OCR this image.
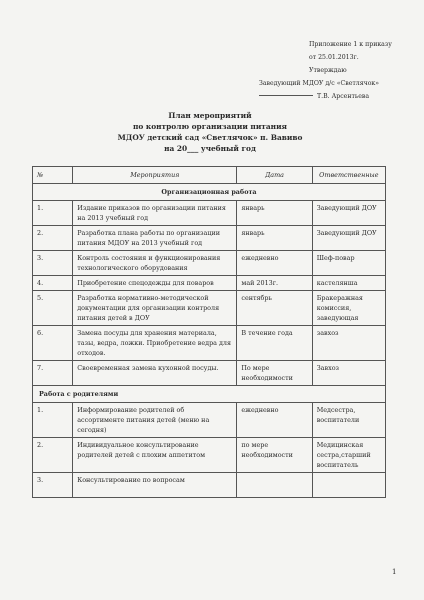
Приложение 1 к приказу
от 25.01.2013г.
Утверждаю
Заведующий МДОУ д/с «Светлячок»
Т.В. Арсентьева
План мероприятий
по контролю организации питания
МДОУ детский сад «Светлячок» п. Вавиво
на 20___ учебный год
№	Мероприятия	Дата	Ответственные
Организационная работа			
1.	Издание приказов по организации питания на 2013 учебный год	январь	Заведующий ДОУ
2.	Разработка плана работы по организации питания МДОУ на 2013 учебный год	январь	Заведующий ДОУ
3.	Контроль состояния и функционирования технологического оборудования	ежедневно	Шеф-повар
4.	Приобретение спецодежды для поваров	май 2013г.	кастелянша
5.	Разработка нормативно-методической документации для организации контроля питания детей в ДОУ	сентябрь	Бракеражная комиссия, заведующая
6.	Замена посуды для хранения материала, тазы, ведра, ложки. Приобретение ведра для отходов.	В течение года	завхоз
7.	Своевременная замена кухонной посуды.	По мере необходимости	Завхоз
Работа с родителями			
1.	Информирование родителей об ассортименте питания детей (меню на сегодня)	ежедневно	Медсестра, воспитатели
2.	Индивидуальное консультирование родителей детей с плохим аппетитом	по мере необходимости	Медицинская сестра,старший воспитатель
3.	Консультирование по вопросам		
1
